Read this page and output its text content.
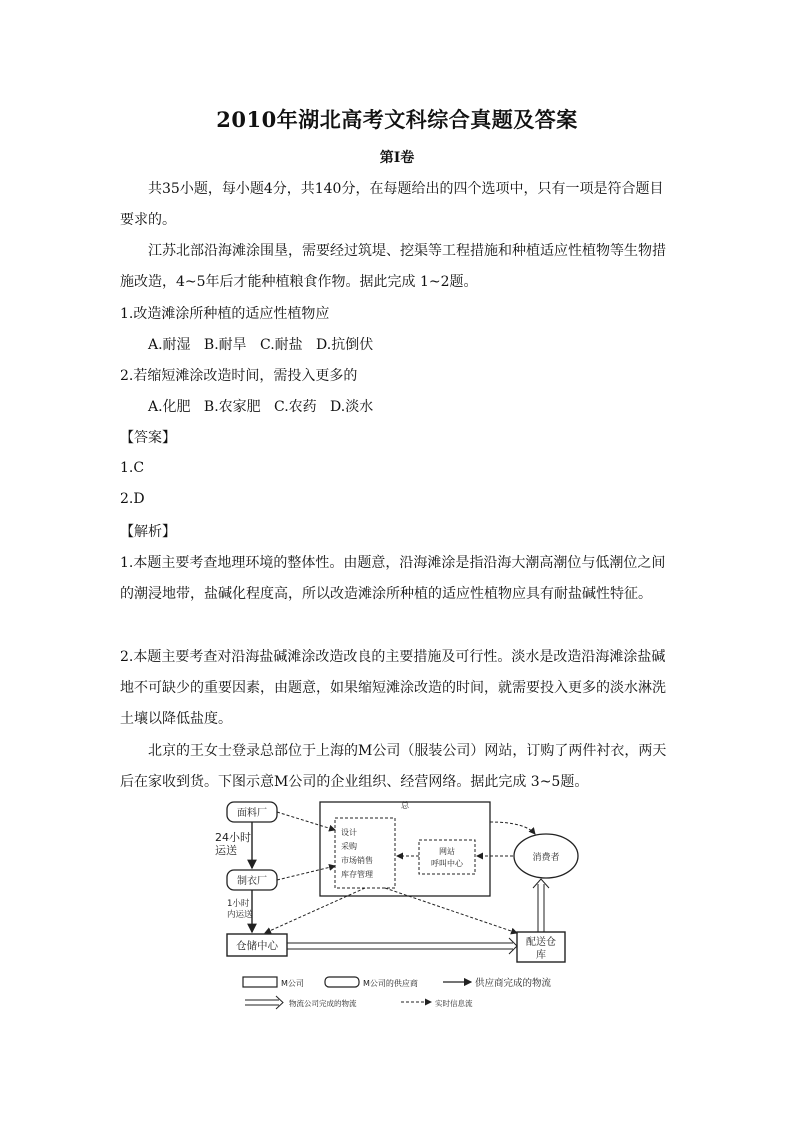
2010年湖北高考文科综合真题及答案
第Ⅰ卷
共35小题，每小题4分，共140分，在每题给出的四个选项中，只有一项是符合题目
要求的。
江苏北部沿海滩涂围垦，需要经过筑堤、挖渠等工程措施和种植适应性植物等生物措
施改造，4~5年后才能种植粮食作物。据此完成 1~2题。
1.改造滩涂所种植的适应性植物应
A.耐湿   B.耐旱   C.耐盐   D.抗倒伏
2.若缩短滩涂改造时间，需投入更多的
A.化肥   B.农家肥   C.农药   D.淡水
【答案】
1.C
2.D
【解析】
1.本题主要考查地理环境的整体性。由题意，沿海滩涂是指沿海大潮高潮位与低潮位之间
的潮浸地带，盐碱化程度高，所以改造滩涂所种植的适应性植物应具有耐盐碱性特征。
2.本题主要考查对沿海盐碱滩涂改造改良的主要措施及可行性。淡水是改造沿海滩涂盐碱
地不可缺少的重要因素，由题意，如果缩短滩涂改造的时间，就需要投入更多的淡水淋洗
土壤以降低盐度。
北京的王女士登录总部位于上海的M公司（服装公司）网站，订购了两件衬衣，两天
后在家收到货。下图示意M公司的企业组织、经营网络。据此完成 3~5题。
面料厂
24小时
运送
制衣厂
1小时
内运送
总
设计
采购
市场销售
库存管理
网站
呼叫中心
消费者
仓储中心	配送仓
库
M公司	M公司的供应商	供应商完成的物流
物流公司完成的物流	实时信息流
